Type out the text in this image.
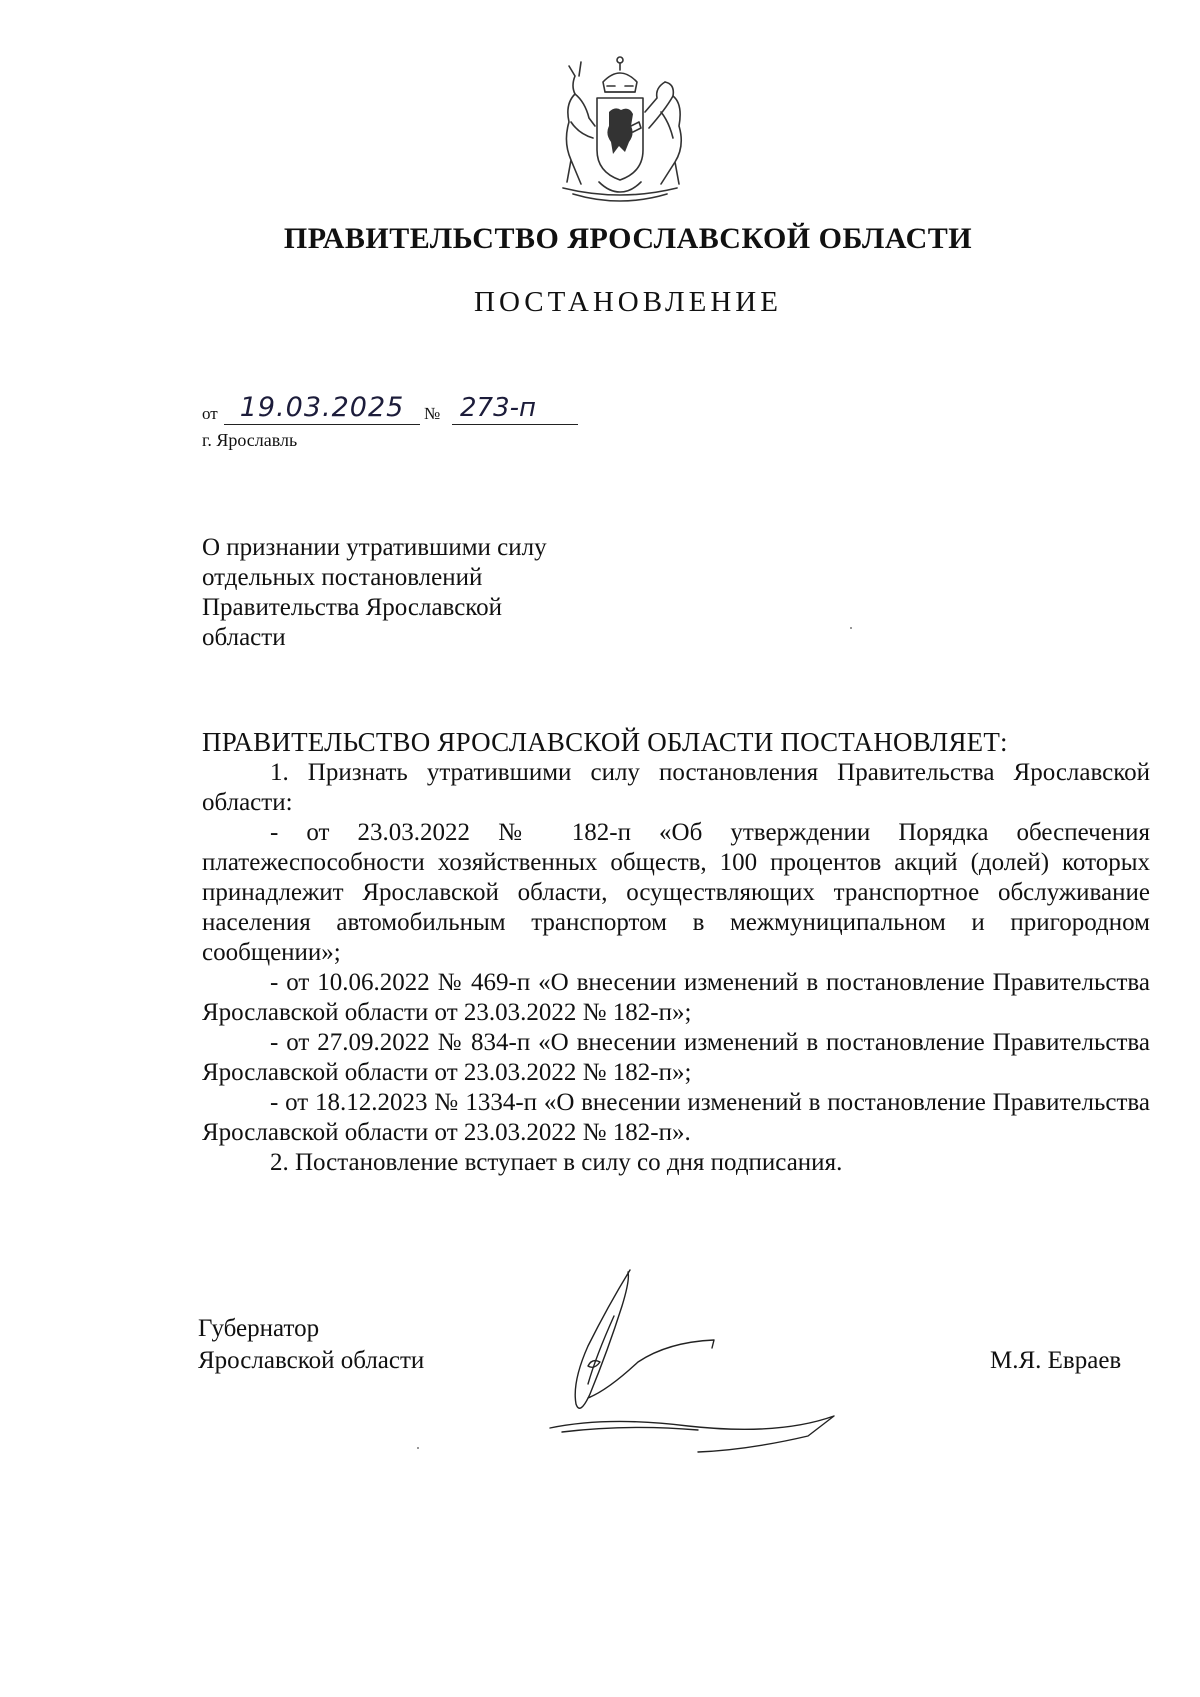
ПРАВИТЕЛЬСТВО ЯРОСЛАВСКОЙ ОБЛАСТИ
ПОСТАНОВЛЕНИЕ
от 19.03.2025	№ 273-п
г. Ярославль
О признании утратившими силу
отдельных постановлений
Правительства Ярославской
области
ПРАВИТЕЛЬСТВО ЯРОСЛАВСКОЙ ОБЛАСТИ ПОСТАНОВЛЯЕТ:

1. Признать утратившими силу постановления Правительства Ярославской области:

- от 23.03.2022 № 182-п «Об утверждении Порядка обеспечения платежеспособности хозяйственных обществ, 100 процентов акций (долей) которых принадлежит Ярославской области, осуществляющих транспортное обслуживание населения автомобильным транспортом в межмуниципальном и пригородном сообщении»;

- от 10.06.2022 № 469-п «О внесении изменений в постановление Правительства Ярославской области от 23.03.2022 № 182-п»;

- от 27.09.2022 № 834-п «О внесении изменений в постановление Правительства Ярославской области от 23.03.2022 № 182-п»;

- от 18.12.2023 № 1334-п «О внесении изменений в постановление Правительства Ярославской области от 23.03.2022 № 182-п».

2. Постановление вступает в силу со дня подписания.

Губернатор
Ярославской области	М.Я. Евраев
